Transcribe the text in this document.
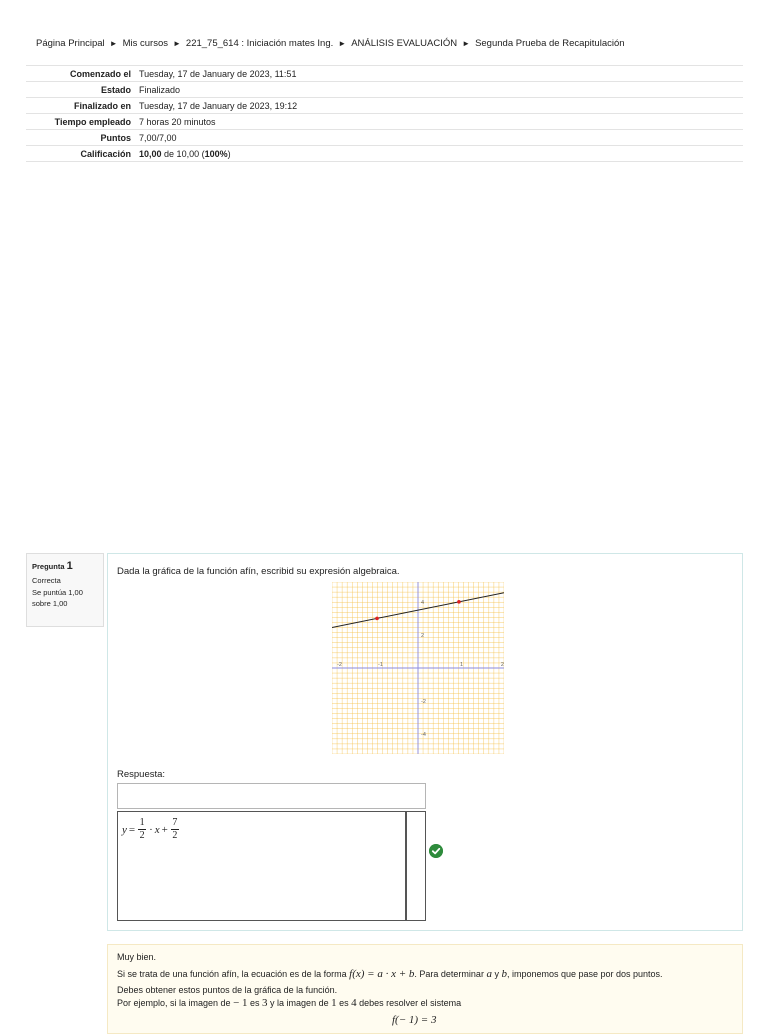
Página Principal ► Mis cursos ► 221_75_614 : Iniciación mates Ing. ► ANÁLISIS EVALUACIÓN ► Segunda Prueba de Recapitulación
Comenzado el	Tuesday, 17 de January de 2023, 11:51
Estado	Finalizado
Finalizado en	Tuesday, 17 de January de 2023, 19:12
Tiempo empleado	7 horas 20 minutos
Puntos	7,00/7,00
Calificación	10,00 de 10,00 (100%)
Pregunta 1
Correcta
Se puntúa 1,00
sobre 1,00
Dada la gráfica de la función afín, escribid su expresión algebraica.
-2	-1	1	2
4
2
-2
-4
Respuesta:
$y = \frac{1}{2} \cdot x + \frac{7}{2}$
Muy bien.
Si se trata de una función afín, la ecuación es de la forma f(x) = a · x + b. Para determinar a y b, imponemos que pase por dos puntos.
Debes obtener estos puntos de la gráfica de la función.
Por ejemplo, si la imagen de − 1 es 3 y la imagen de 1 es 4 debes resolver el sistema
f(− 1) = 3
